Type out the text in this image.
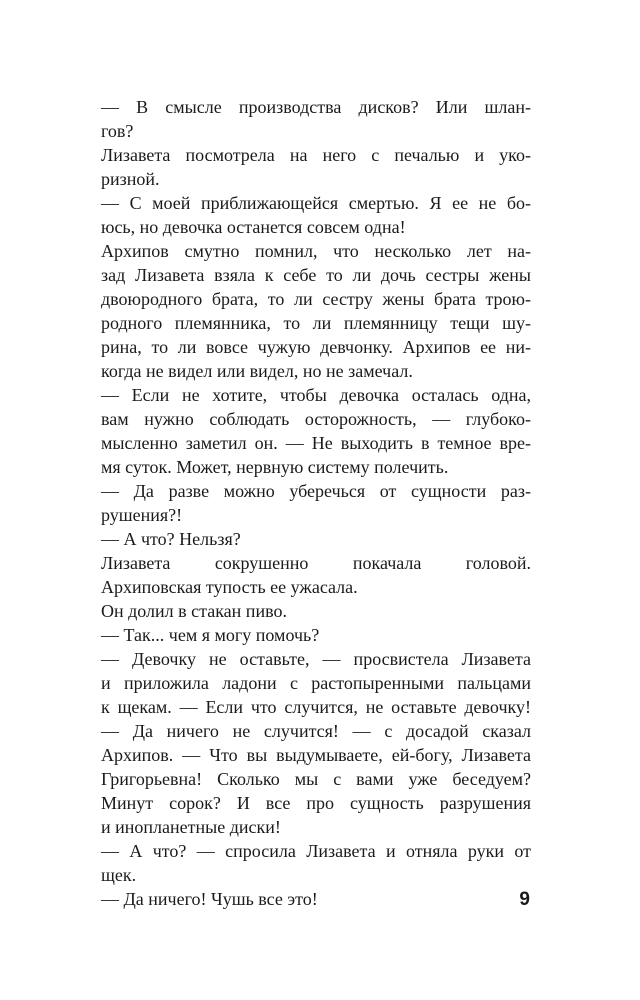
— В смысле производства дисков? Или шлан-
гов?
Лизавета посмотрела на него с печалью и уко-
ризной.
— С моей приближающейся смертью. Я ее не бо-
юсь, но девочка останется совсем одна!
Архипов смутно помнил, что несколько лет на-
зад Лизавета взяла к себе то ли дочь сестры жены
двоюродного брата, то ли сестру жены брата трою-
родного племянника, то ли племянницу тещи шу-
рина, то ли вовсе чужую девчонку. Архипов ее ни-
когда не видел или видел, но не замечал.
— Если не хотите, чтобы девочка осталась одна,
вам нужно соблюдать осторожность, — глубоко-
мысленно заметил он. — Не выходить в темное вре-
мя суток. Может, нервную систему полечить.
— Да разве можно уберечься от сущности раз-
рушения?!
— А что? Нельзя?
Лизавета сокрушенно покачала головой.
Архиповская тупость ее ужасала.
Он долил в стакан пиво.
— Так... чем я могу помочь?
— Девочку не оставьте, — просвистела Лизавета
и приложила ладони с растопыренными пальцами
к щекам. — Если что случится, не оставьте девочку!
— Да ничего не случится! — с досадой сказал
Архипов. — Что вы выдумываете, ей-богу, Лизавета
Григорьевна! Сколько мы с вами уже беседуем?
Минут сорок? И все про сущность разрушения
и инопланетные диски!
— А что? — спросила Лизавета и отняла руки от
щек.
— Да ничего! Чушь все это!	9
